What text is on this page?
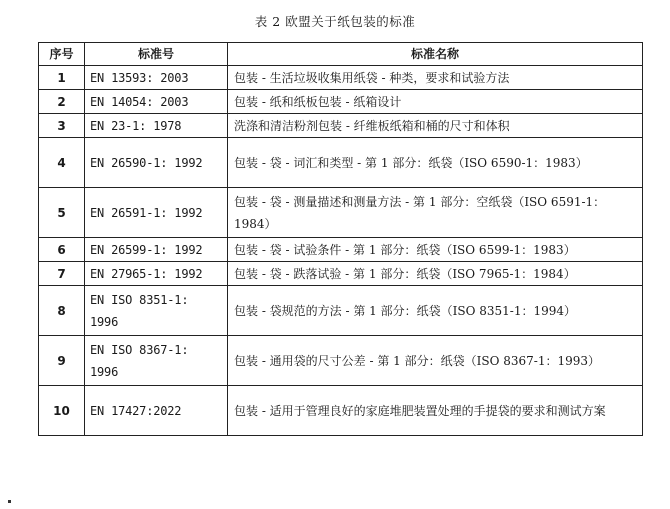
表 2 欧盟关于纸包装的标准
序号	标准号	标准名称
1	EN 13593: 2003	包装 - 生活垃圾收集用纸袋 - 种类，要求和试验方法
2	EN 14054: 2003	包装 - 纸和纸板包装 - 纸箱设计
3	EN 23-1: 1978	洗涤和清洁粉剂包装 - 纤维板纸箱和桶的尺寸和体积
4	EN 26590-1: 1992	包装 - 袋 - 词汇和类型 - 第 1 部分：纸袋（ISO 6590-1：1983）
5	EN 26591-1: 1992	包装 - 袋 - 测量描述和测量方法 - 第 1 部分：空纸袋（ISO 6591-1：1984）
6	EN 26599-1: 1992	包装 - 袋 - 试验条件 - 第 1 部分：纸袋（ISO 6599-1：1983）
7	EN 27965-1: 1992	包装 - 袋 - 跌落试验 - 第 1 部分：纸袋（ISO 7965-1：1984）
8	EN ISO 8351-1: 1996	包装 - 袋规范的方法 - 第 1 部分：纸袋（ISO 8351-1：1994）
9	EN ISO 8367-1: 1996	包装 - 通用袋的尺寸公差 - 第 1 部分：纸袋（ISO 8367-1：1993）
10	EN 17427:2022	包装 - 适用于管理良好的家庭堆肥装置处理的手提袋的要求和测试方案
